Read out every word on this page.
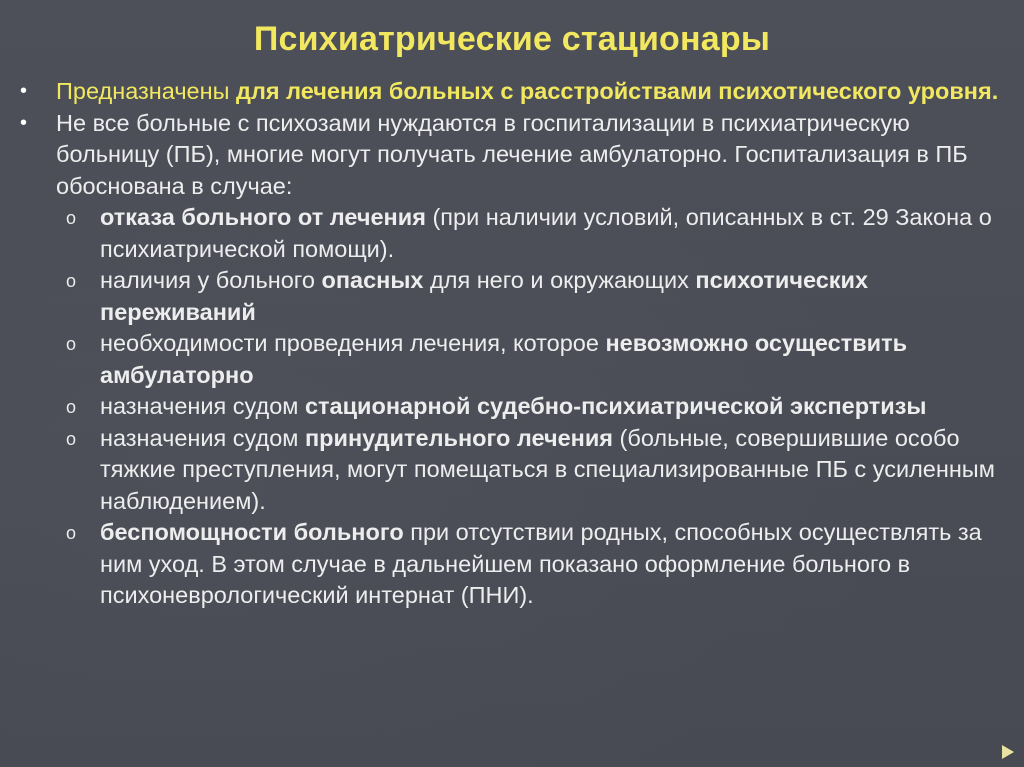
Психиатрические стационары
• Предназначены для лечения больных с расстройствами психотического уровня.
• Не все больные с психозами нуждаются в госпитализации в психиатрическую больницу (ПБ), многие могут получать лечение амбулаторно. Госпитализация в ПБ обоснована в случае:
o отказа больного от лечения (при наличии условий, описанных в ст. 29 Закона о психиатрической помощи).
o наличия у больного опасных для него и окружающих психотических переживаний
o необходимости проведения лечения, которое невозможно осуществить амбулаторно
o назначения судом стационарной судебно-психиатрической экспертизы
o назначения судом принудительного лечения (больные, совершившие особо тяжкие преступления, могут помещаться в специализированные ПБ с усиленным наблюдением).
o беспомощности больного при отсутствии родных, способных осуществлять за ним уход. В этом случае в дальнейшем показано оформление больного в психоневрологический интернат (ПНИ).
